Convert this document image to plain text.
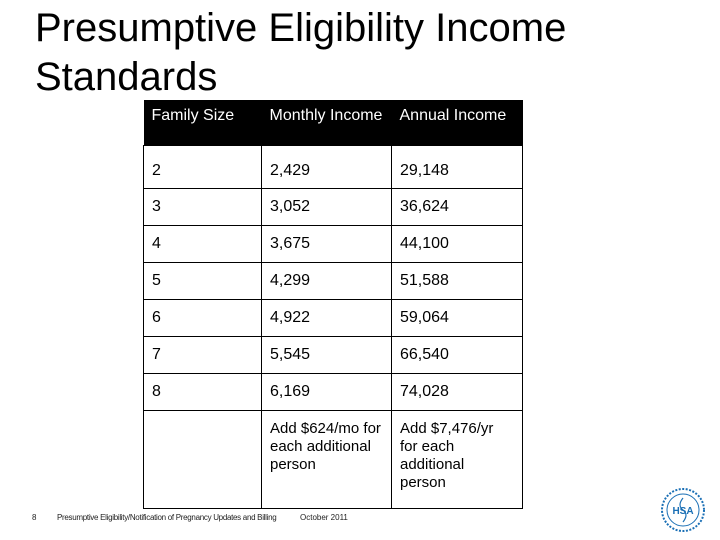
Presumptive Eligibility Income Standards
Family Size	Monthly Income	Annual Income
2	2,429	29,148
3	3,052	36,624
4	3,675	44,100
5	4,299	51,588
6	4,922	59,064
7	5,545	66,540
8	6,169	74,028
	Add $624/mo for each additional person	Add $7,476/yr for each additional person
8	Presumptive Eligibility/Notification of Pregnancy Updates and Billing	October 2011
HSA
